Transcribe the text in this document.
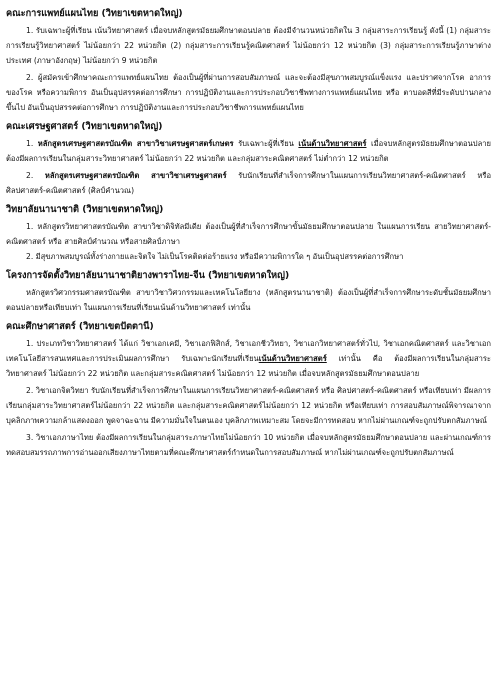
คณะการแพทย์แผนไทย (วิทยาเขตหาดใหญ่)

1. รับเฉพาะผู้ที่เรียน เน้นวิทยาศาสตร์ เมื่อจบหลักสูตรมัธยมศึกษาตอนปลาย ต้องมีจำนวนหน่วยกิตใน 3 กลุ่มสาระการเรียนรู้ ดังนี้ (1) กลุ่มสาระการเรียนรู้วิทยาศาสตร์ ไม่น้อยกว่า 22 หน่วยกิต (2) กลุ่มสาระการเรียนรู้คณิตศาสตร์ ไม่น้อยกว่า 12 หน่วยกิต (3) กลุ่มสาระการเรียนรู้ภาษาต่างประเทศ (ภาษาอังกฤษ) ไม่น้อยกว่า 9 หน่วยกิต

2. ผู้สมัครเข้าศึกษาคณะการแพทย์แผนไทย ต้องเป็นผู้ที่ผ่านการสอบสัมภาษณ์ และจะต้องมีสุขภาพสมบูรณ์แข็งแรง และปราศจากโรค อาการของโรค หรือความพิการ อันเป็นอุปสรรคต่อการศึกษา การปฏิบัติงานและการประกอบวิชาชีพทางการแพทย์แผนไทย หรือ ตาบอดสีที่มีระดับปานกลางขึ้นไป อันเป็นอุปสรรคต่อการศึกษา การปฏิบัติงานและการประกอบวิชาชีพการแพทย์แผนไทย

คณะเศรษฐศาสตร์ (วิทยาเขตหาดใหญ่)

1. หลักสูตรเศรษฐศาสตรบัณฑิต สาขาวิชาเศรษฐศาสตร์เกษตร รับเฉพาะผู้ที่เรียน เน้นด้านวิทยาศาสตร์ เมื่อจบหลักสูตรมัธยมศึกษาตอนปลาย ต้องมีผลการเรียนในกลุ่มสาระวิทยาศาสตร์ ไม่น้อยกว่า 22 หน่วยกิต และกลุ่มสาระคณิตศาสตร์ ไม่ต่ำกว่า 12 หน่วยกิต

2. หลักสูตรเศรษฐศาสตรบัณฑิต สาขาวิชาเศรษฐศาสตร์ รับนักเรียนที่สำเร็จการศึกษาในแผนการเรียนวิทยาศาสตร์-คณิตศาสตร์ หรือศิลปศาสตร์-คณิตศาสตร์ (ศิลป์คำนวณ)

วิทยาลัยนานาชาติ (วิทยาเขตหาดใหญ่)

1. หลักสูตรวิทยาศาสตรบัณฑิต สาขาวิชาดิจิทัลมีเดีย ต้องเป็นผู้ที่สำเร็จการศึกษาขั้นมัธยมศึกษาตอนปลาย ในแผนการเรียน สายวิทยาศาสตร์-คณิตศาสตร์ หรือ สายศิลป์คำนวณ หรือสายศิลป์ภาษา

2. มีสุขภาพสมบูรณ์ทั้งร่างกายและจิตใจ ไม่เป็นโรคติดต่อร้ายแรง หรือมีความพิการใด ๆ อันเป็นอุปสรรคต่อการศึกษา

โครงการจัดตั้งวิทยาลัยนานาชาติยางพาราไทย-จีน (วิทยาเขตหาดใหญ่)

หลักสูตรวิศวกรรมศาสตรบัณฑิต สาขาวิชาวิศวกรรมและเทคโนโลยียาง (หลักสูตรนานาชาติ) ต้องเป็นผู้ที่สำเร็จการศึกษาระดับชั้นมัธยมศึกษาตอนปลายหรือเทียบเท่า ในแผนการเรียนที่เรียนเน้นด้านวิทยาศาสตร์ เท่านั้น

คณะศึกษาศาสตร์ (วิทยาเขตปัตตานี)

1. ประเภทวิชาวิทยาศาสตร์ ได้แก่ วิชาเอกเคมี, วิชาเอกฟิสิกส์, วิชาเอกชีววิทยา, วิชาเอกวิทยาศาสตร์ทั่วไป, วิชาเอกคณิตศาสตร์ และวิชาเอกเทคโนโลยีสารสนเทศและการประเมินผลการศึกษา รับเฉพาะนักเรียนที่เรียนเน้นด้านวิทยาศาสตร์ เท่านั้น คือ ต้องมีผลการเรียนในกลุ่มสาระวิทยาศาสตร์ ไม่น้อยกว่า 22 หน่วยกิต และกลุ่มสาระคณิตศาสตร์ ไม่น้อยกว่า 12 หน่วยกิต เมื่อจบหลักสูตรมัธยมศึกษาตอนปลาย

2. วิชาเอกจิตวิทยา รับนักเรียนที่สำเร็จการศึกษาในแผนการเรียนวิทยาศาสตร์-คณิตศาสตร์ หรือ ศิลปศาสตร์-คณิตศาสตร์ หรือเทียบเท่า มีผลการเรียนกลุ่มสาระวิทยาศาสตร์ไม่น้อยกว่า 22 หน่วยกิต และกลุ่มสาระคณิตศาสตร์ไม่น้อยกว่า 12 หน่วยกิต หรือเทียบเท่า การสอบสัมภาษณ์พิจารณาจากบุคลิกภาพความกล้าแสดงออก พูดจาฉะฉาน มีความมั่นใจในตนเอง บุคลิกภาพเหมาะสม โดยจะมีการทดสอบ หากไม่ผ่านเกณฑ์จะถูกปรับตกสัมภาษณ์

3. วิชาเอกภาษาไทย ต้องมีผลการเรียนในกลุ่มสาระภาษาไทยไม่น้อยกว่า 10 หน่วยกิต เมื่อจบหลักสูตรมัธยมศึกษาตอนปลาย และผ่านเกณฑ์การทดสอบสมรรถภาพการอ่านออกเสียงภาษาไทยตามที่คณะศึกษาศาสตร์กำหนดในการสอบสัมภาษณ์ หากไม่ผ่านเกณฑ์จะถูกปรับตกสัมภาษณ์
